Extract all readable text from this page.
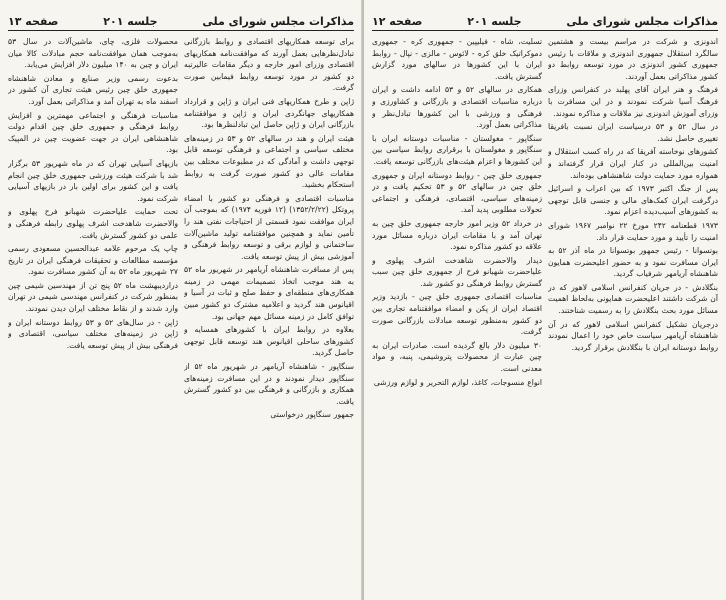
مذاکرات مجلس شورای ملی
جلسه ۲۰۱
صفحه ۱۳

برای توسعه همکاریهای اقتصادی و روابط بازرگانی تبادل‌نظرهایی بعمل آورند که موافقت‌نامه همکاریهای اقتصادی وزرای امور خارجه و دیگر مقامات عالیرتبه دو کشور در مورد توسعه روابط فیمابین صورت گرفت.

ژاپن و طرح همکاریهای فنی ایران و ژاپن و قرارداد همکاریهای جهانگردی ایران و ژاپن و موافقتنامه بازرگانی ایران و ژاپن حاصل این تبادلنظرها بود.

هیئت ایران و هند در سالهای ۵۲ و ۵۳ در زمینه‌های مختلف سیاسی و اجتماعی و فرهنگی توسعه قابل توجهی داشت و آمادگی که در مطبوعات مختلف بین مقامات عالی دو کشور صورت گرفت به روابط استحکام بخشید.

مناسبات اقتصادی و فرهنگی دو کشور با امضاء پروتکل (۱۳۵۲/۲/۲۲) (۱۲ فوریه ۱۹۷۴) که بموجب آن ایران موافقت نمود قسمتی از احتیاجات نفتی هند را تأمین نماید و همچنین موافقتنامه تولید ماشین‌آلات ساختمانی و لوازم برقی و توسعه روابط فرهنگی و آموزشی بیش از پیش توسعه یافت.

پس از مسافرت شاهنشاه آریامهر در شهریور ماه ۵۲ به هند موجب اتخاذ تصمیمات مهمی در زمینه همکاری‌های منطقه‌ای و حفظ صلح و ثبات در آسیا و اقیانوس هند گردید و اعلامیه مشترک دو کشور مبین توافق کامل در زمینه مسائل مهم جهانی بود.

بعلاوه در روابط ایران با کشورهای همسایه و کشورهای ساحلی اقیانوس هند توسعه قابل توجهی حاصل گردید.

سنگاپور - شاهنشاه آریامهر در شهریور ماه ۵۲ از سنگاپور دیدار نمودند و در این مسافرت زمینه‌های همکاری و بازرگانی و فرهنگی بین دو کشور گسترش یافت.

جمهور سنگاپور درخواستی

محصولات فلزی، چای، ماشین‌آلات در سال ۵۳ به‌موجب همان موافقت‌نامه حجم مبادلات کالا میان ایران و چین به ۱۴۰ میلیون دلار افزایش می‌یابد.

بدعوت رسمی وزیر صنایع و معادن شاهنشاه جمهوری خلق چین رئیس هیئت تجاری آن کشور در اسفند ماه به تهران آمد و مذاکراتی بعمل آورد.

مناسبات فرهنگی و اجتماعی مهمترین و افزایش روابط فرهنگی و جمهوری خلق چین اقدام دولت شاهنشاهی ایران در جهت عضویت چین در المپیک بود.

بازیهای آسیایی تهران که در ماه شهریور ۵۳ برگزار شد با شرکت هیئت ورزشی جمهوری خلق چین انجام یافت و این کشور برای اولین بار در بازیهای آسیایی شرکت نمود.

تحت حمایت علیاحضرت شهبانو فرح پهلوی و والاحضرت شاهدخت اشرف پهلوی رابطه فرهنگی و علمی دو کشور گسترش یافت.

چاپ یک مرحوم علامه عبدالحسین مسعودی رسمی مؤسسه مطالعات و تحقیقات فرهنگی ایران در تاریخ ۲۷ شهریور ماه ۵۲ به آن کشور مسافرت نمود.

دراردیبهشت ماه ۵۲ پنج تن از مهندسین شیمی چین بمنظور شرکت در کنفرانس مهندسی شیمی در تهران وارد شدند و از نقاط مختلف ایران دیدن نمودند.

ژاپن - در سال‌های ۵۲ و ۵۳ روابط دوستانه ایران و ژاپن در زمینه‌های مختلف سیاسی، اقتصادی و فرهنگی بیش از پیش توسعه یافت.

مذاکرات مجلس شورای ملی
جلسه ۲۰۱
صفحه ۱۲

اندونزی و شرکت در مراسم بیست و هشتمین سالگرد استقلال جمهوری اندونزی و ملاقات با رئیس جمهوری کشور اندونزی در مورد توسعه روابط دو کشور مذاکراتی بعمل آوردند.

فرهنگ و هنر ایران آقای پهلبد در کنفرانس وزرای فرهنگ آسیا شرکت نمودند و در این مسافرت با وزرای آموزش اندونزی نیز ملاقات و مذاکره نمودند.

در سال ۵۲ و ۵۳ درسیاست ایران‌ نسبت بافریقا تغییری حاصل نشد.

کشورهای نوخاسته آفریقا که در راه کسب استقلال و امنیت بین‌المللی در کنار ایران قرار گرفته‌اند و همواره مورد حمایت دولت شاهنشاهی بوده‌اند.

پس از جنگ اکتبر ۱۹۷۳ که بین اعراب و اسرائیل درگرفت ایران کمک‌های مالی و جنسی قابل توجهی به کشورهای آسیب‌دیده اعزام نمود.

۱۹۷۳ قطعنامه ۲۴۲ مورخ ۲۲ نوامبر ۱۹۶۷ شورای امنیت را تأیید و مورد حمایت قرار داد.

بوتسوانا - رئیس جمهور بوتسوانا در ماه آذر ۵۲ به ایران مسافرت نمود و به حضور اعلیحضرت همایون شاهنشاه آریامهر شرفیاب گردید.

بنگلادش - در جریان کنفرانس اسلامی لاهور که در آن شرکت داشتند اعلیحضرت همایونی به‌لحاظ اهمیت مسائل مورد بحث بنگلادش را به رسمیت شناختند.

درجریان تشکیل کنفرانس اسلامی لاهور که در آن شاهنشاه آریامهر سیاست خاص خود را اعمال نمودند روابط دوستانه ایران با بنگلادش برقرار گردید.

تسلیت، شاه - فیلیپین - جمهوری کره - جمهوری دموکراتیک خلق کره - لائوس - مالزی - نپال - روابط ایران با این کشورها در سالهای مورد گزارش گسترش یافت.

همکاری در سالهای ۵۲ و ۵۳ ادامه داشت و ایران درباره مناسبات اقتصادی و بازرگانی و کشاورزی و فرهنگی و ورزشی با این کشورها تبادل‌نظر و مذاکراتی بعمل آورد.

سنگاپور - مغولستان - مناسبات دوستانه ایران با سنگاپور و مغولستان با برقراری روابط سیاسی بین این کشورها و اعزام هیئت‌های بازرگانی توسعه یافت.

جمهوری خلق چین - روابط دوستانه ایران و جمهوری خلق چین در سالهای ۵۲ و ۵۳ تحکیم یافت و در زمینه‌های سیاسی، اقتصادی، فرهنگی و اجتماعی تحولات مطلوبی پدید آمد.

در خرداد ۵۲ وزیر امور خارجه جمهوری خلق چین به تهران آمد و با مقامات ایران درباره مسائل مورد علاقه دو کشور مذاکره نمود.

دیدار والاحضرت شاهدخت اشرف پهلوی و علیاحضرت شهبانو فرح از جمهوری خلق چین سبب گسترش روابط فرهنگی دو کشور شد.

مناسبات اقتصادی جمهوری خلق چین - بازدید وزیر اقتصاد ایران از پکن و امضاء موافقتنامه تجاری بین دو کشور به‌منظور توسعه مبادلات بازرگانی صورت گرفت.

۳۰ میلیون دلار بالغ گردیده است. صادرات ایران به چین عبارت از محصولات پتروشیمی، پنبه، و مواد معدنی است.

انواع منسوجات، کاغذ، لوازم التحریر و لوازم ورزشی
